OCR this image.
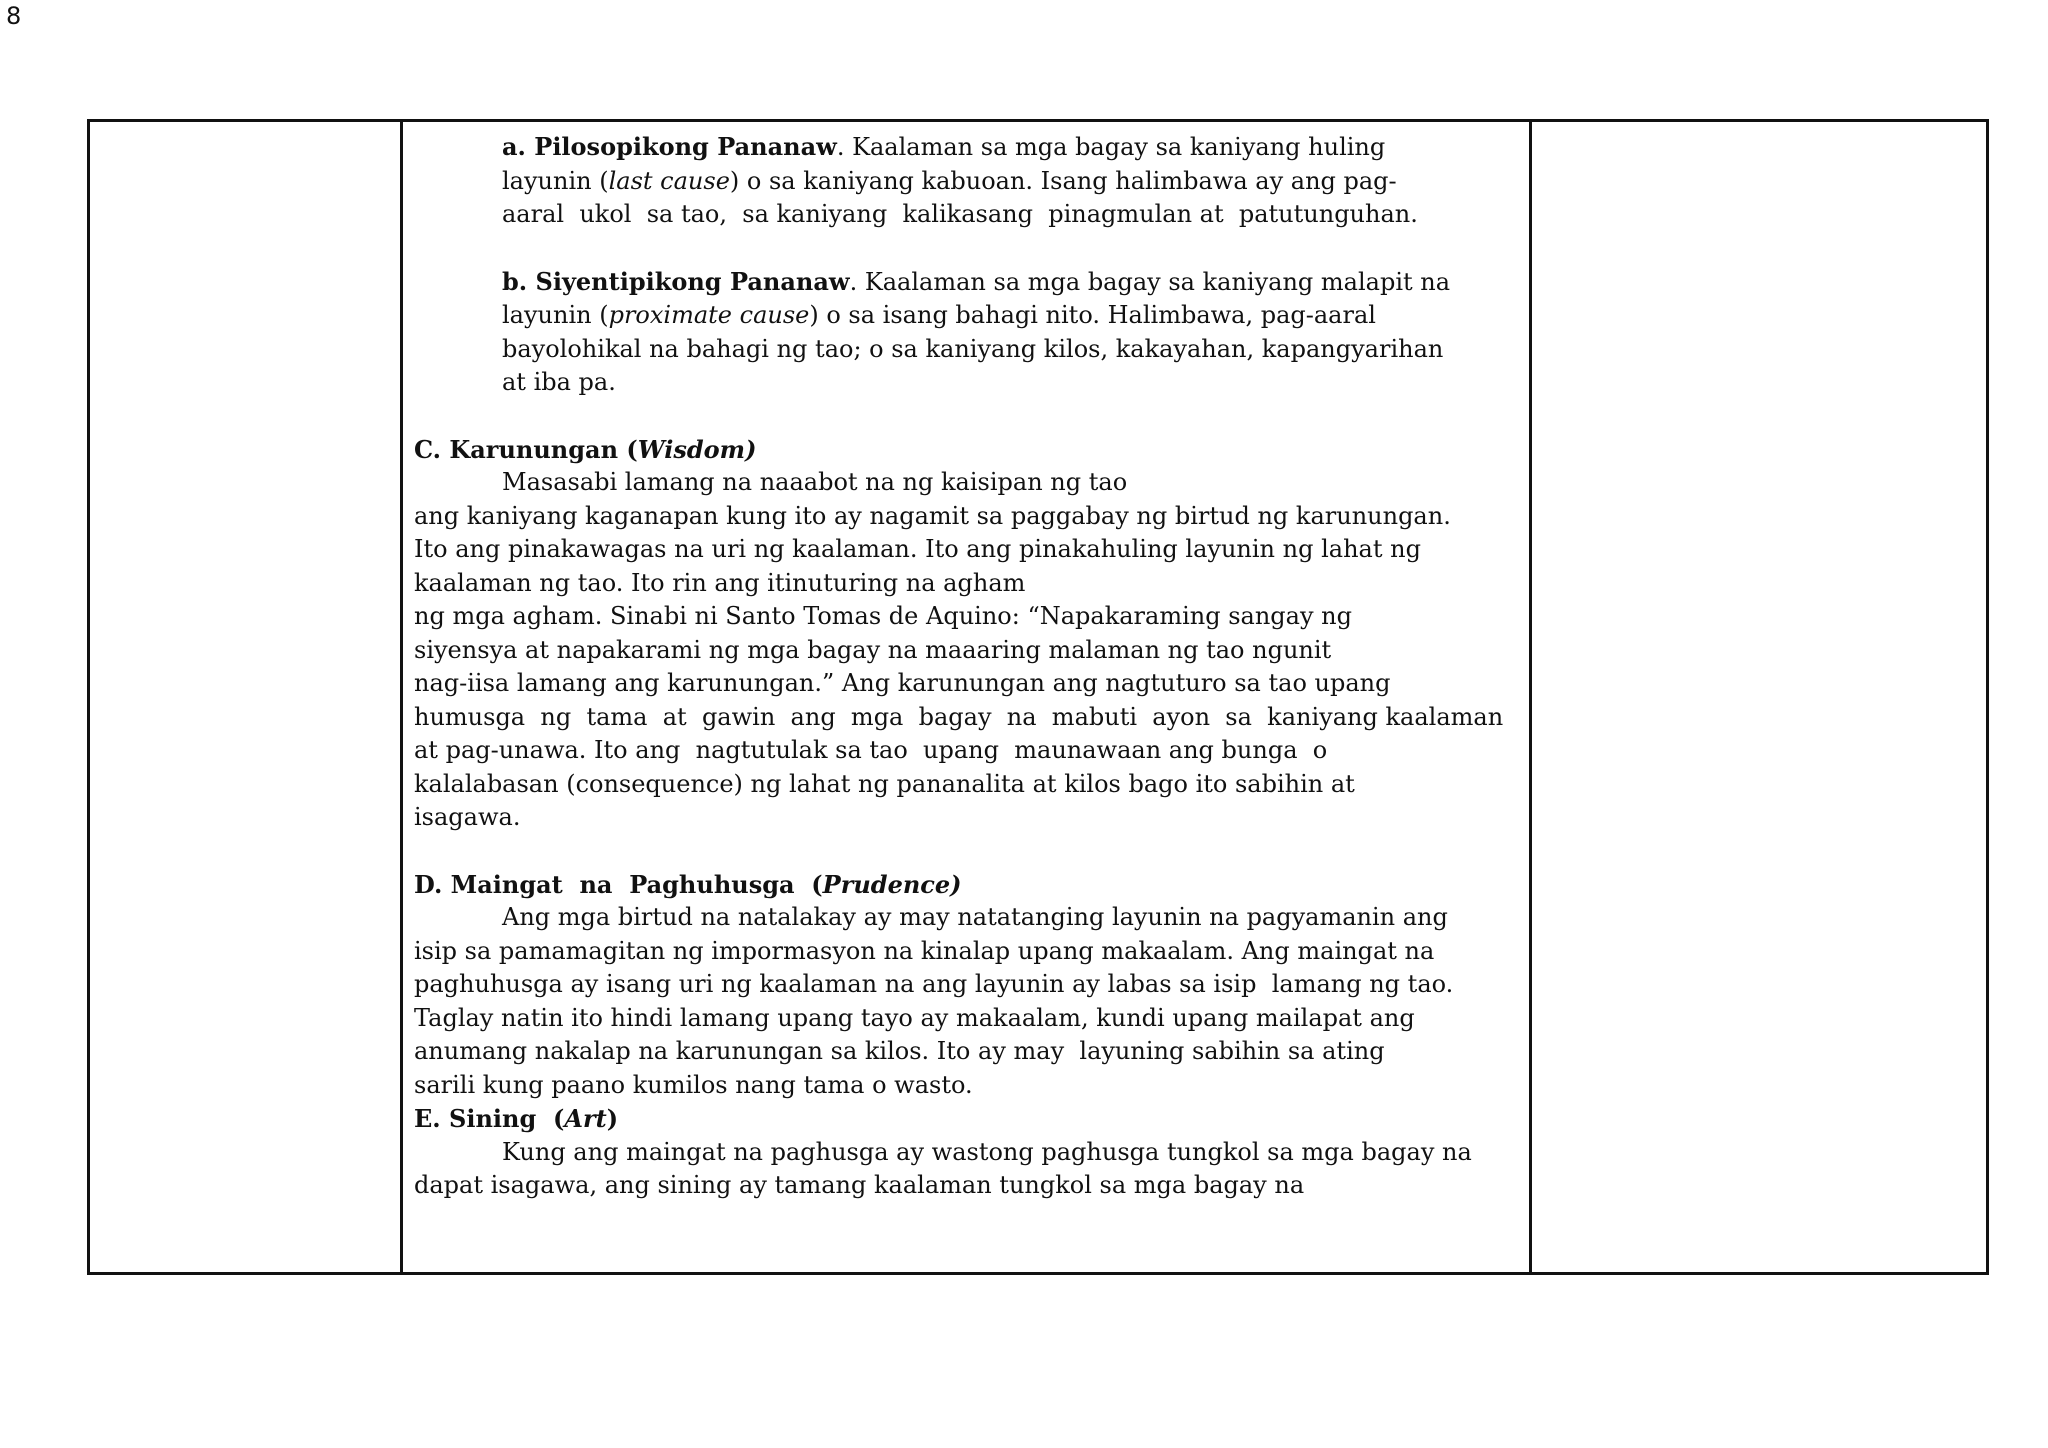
8

a. Pilosopikong Pananaw. Kaalaman sa mga bagay sa kaniyang huling

layunin (last cause) o sa kaniyang kabuoan. Isang halimbawa ay ang pag-

aaral  ukol  sa tao,  sa kaniyang  kalikasang  pinagmulan at  patutunguhan.

b. Siyentipikong Pananaw. Kaalaman sa mga bagay sa kaniyang malapit na

layunin (proximate cause) o sa isang bahagi nito. Halimbawa, pag-aaral

bayolohikal na bahagi ng tao; o sa kaniyang kilos, kakayahan, kapangyarihan

at iba pa.

C. Karunungan (Wisdom)

Masasabi lamang na naaabot na ng kaisipan ng tao

ang kaniyang kaganapan kung ito ay nagamit sa paggabay ng birtud ng karunungan.

Ito ang pinakawagas na uri ng kaalaman. Ito ang pinakahuling layunin ng lahat ng

kaalaman ng tao. Ito rin ang itinuturing na agham

ng mga agham. Sinabi ni Santo Tomas de Aquino: “Napakaraming sangay ng

siyensya at napakarami ng mga bagay na maaaring malaman ng tao ngunit

nag-iisa lamang ang karunungan.” Ang karunungan ang nagtuturo sa tao upang

humusga  ng  tama  at  gawin  ang  mga  bagay  na  mabuti  ayon  sa  kaniyang kaalaman

at pag-unawa. Ito ang  nagtutulak sa tao  upang  maunawaan ang bunga  o

kalalabasan (consequence) ng lahat ng pananalita at kilos bago ito sabihin at

isagawa.

D. Maingat  na  Paghuhusga  (Prudence)

Ang mga birtud na natalakay ay may natatanging layunin na pagyamanin ang

isip sa pamamagitan ng impormasyon na kinalap upang makaalam. Ang maingat na

paghuhusga ay isang uri ng kaalaman na ang layunin ay labas sa isip  lamang ng tao.

Taglay natin ito hindi lamang upang tayo ay makaalam, kundi upang mailapat ang

anumang nakalap na karunungan sa kilos. Ito ay may  layuning sabihin sa ating

sarili kung paano kumilos nang tama o wasto.

E. Sining  (Art)

Kung ang maingat na paghusga ay wastong paghusga tungkol sa mga bagay na

dapat isagawa, ang sining ay tamang kaalaman tungkol sa mga bagay na
